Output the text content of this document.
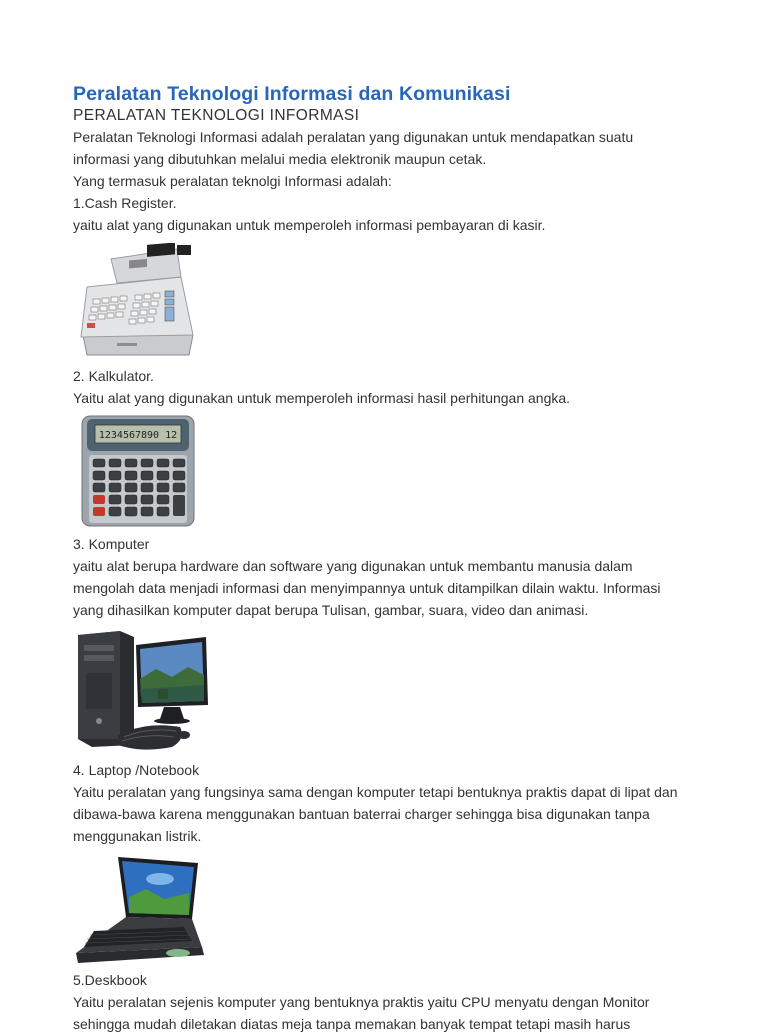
Peralatan Teknologi Informasi dan Komunikasi
PERALATAN TEKNOLOGI INFORMASI

Peralatan Teknologi Informasi adalah peralatan yang digunakan untuk mendapatkan suatu

informasi yang dibutuhkan melalui media elektronik maupun cetak.

Yang termasuk peralatan teknolgi Informasi adalah:

1.Cash Register.

yaitu alat yang digunakan untuk memperoleh informasi pembayaran di kasir.

2. Kalkulator.

Yaitu alat yang digunakan untuk memperoleh informasi hasil perhitungan angka.

1234567890 12

3. Komputer

yaitu alat berupa hardware dan software yang digunakan untuk membantu manusia dalam

mengolah data menjadi informasi dan menyimpannya untuk ditampilkan dilain waktu. Informasi

yang dihasilkan komputer dapat berupa Tulisan, gambar, suara, video dan animasi.

4. Laptop /Notebook

Yaitu peralatan yang fungsinya sama dengan komputer tetapi bentuknya praktis dapat di lipat dan

dibawa-bawa karena menggunakan bantuan baterrai charger sehingga bisa digunakan tanpa

menggunakan listrik.

5.Deskbook

Yaitu peralatan sejenis komputer yang bentuknya praktis yaitu CPU menyatu dengan Monitor

sehingga mudah diletakan diatas meja tanpa memakan banyak tempat tetapi masih harus
